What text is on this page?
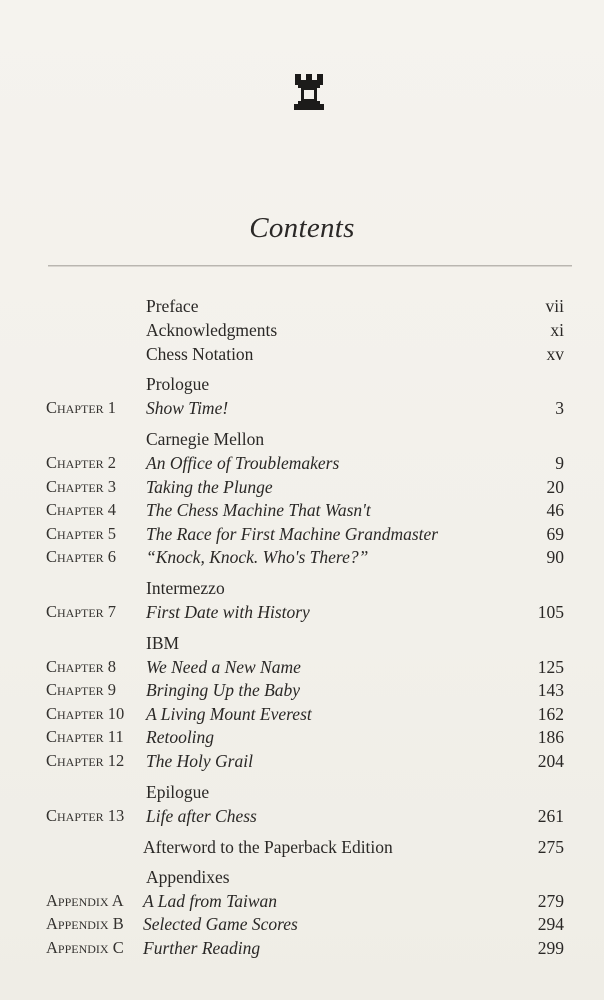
Contents
Preface	vii
Acknowledgments	xi
Chess Notation	xv
Prologue
Chapter 1 Show Time!	3
Carnegie Mellon
Chapter 2 An Office of Troublemakers	9
Chapter 3 Taking the Plunge	20
Chapter 4 The Chess Machine That Wasn't	46
Chapter 5 The Race for First Machine Grandmaster	69
Chapter 6 “Knock, Knock. Who's There?”	90
Intermezzo
Chapter 7 First Date with History	105
IBM
Chapter 8 We Need a New Name	125
Chapter 9 Bringing Up the Baby	143
Chapter 10 A Living Mount Everest	162
Chapter 11 Retooling	186
Chapter 12 The Holy Grail	204
Epilogue
Chapter 13 Life after Chess	261
Afterword to the Paperback Edition	275
Appendixes
Appendix A A Lad from Taiwan	279
Appendix B Selected Game Scores	294
Appendix C Further Reading	299
